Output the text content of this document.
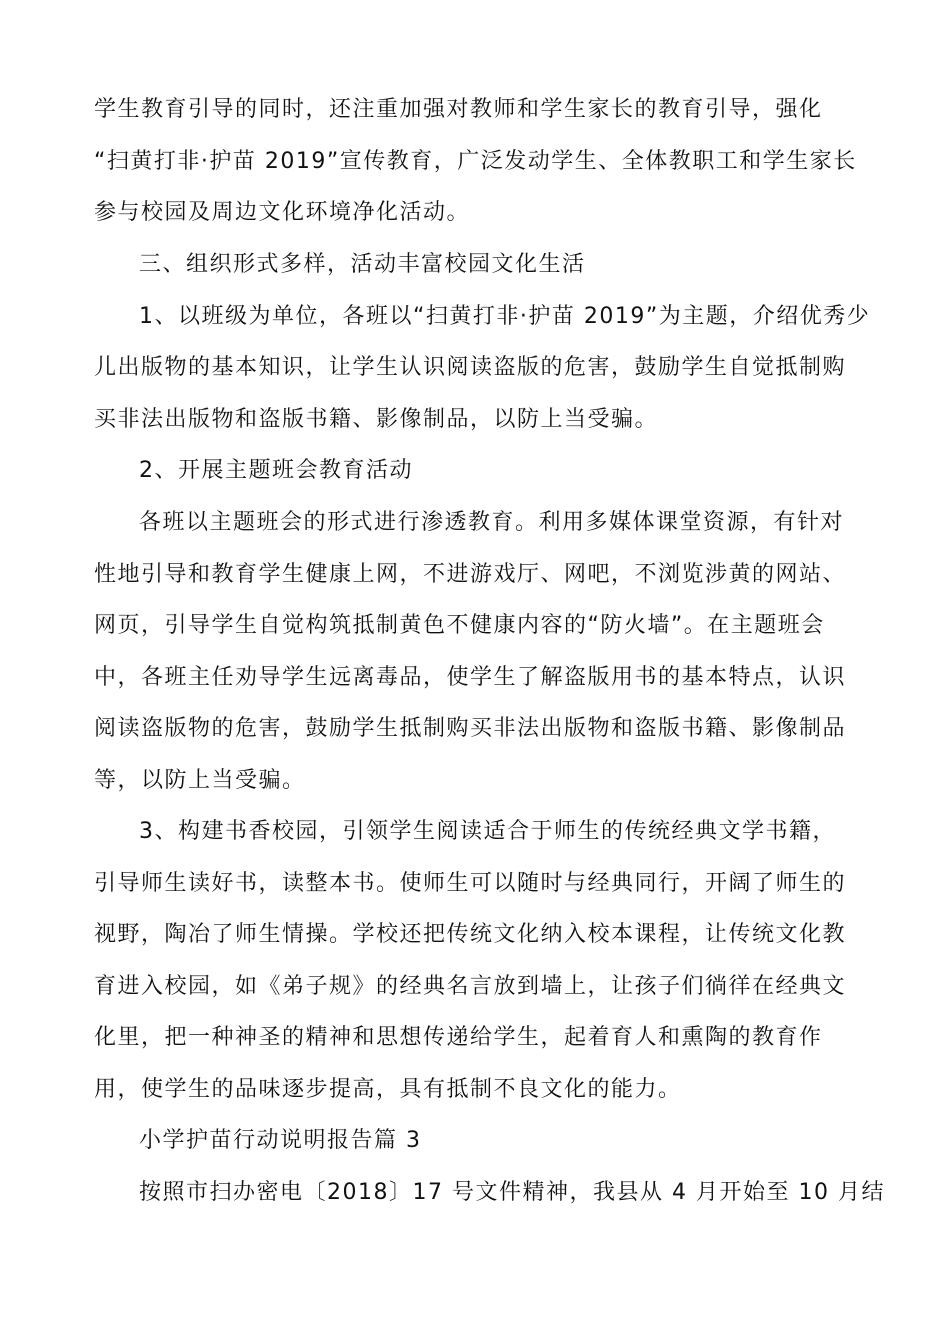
学生教育引导的同时，还注重加强对教师和学生家长的教育引导，强化
“扫黄打非·护苗 2019”宣传教育，广泛发动学生、全体教职工和学生家长
参与校园及周边文化环境净化活动。
三、组织形式多样，活动丰富校园文化生活
1、以班级为单位，各班以“扫黄打非·护苗 2019”为主题，介绍优秀少
儿出版物的基本知识，让学生认识阅读盗版的危害，鼓励学生自觉抵制购
买非法出版物和盗版书籍、影像制品，以防上当受骗。
2、开展主题班会教育活动
各班以主题班会的形式进行渗透教育。利用多媒体课堂资源，有针对
性地引导和教育学生健康上网，不进游戏厅、网吧，不浏览涉黄的网站、
网页，引导学生自觉构筑抵制黄色不健康内容的“防火墙”。在主题班会
中，各班主任劝导学生远离毒品，使学生了解盗版用书的基本特点，认识
阅读盗版物的危害，鼓励学生抵制购买非法出版物和盗版书籍、影像制品
等，以防上当受骗。
3、构建书香校园，引领学生阅读适合于师生的传统经典文学书籍，
引导师生读好书，读整本书。使师生可以随时与经典同行，开阔了师生的
视野，陶冶了师生情操。学校还把传统文化纳入校本课程，让传统文化教
育进入校园，如《弟子规》的经典名言放到墙上，让孩子们徜徉在经典文
化里，把一种神圣的精神和思想传递给学生，起着育人和熏陶的教育作
用，使学生的品味逐步提高，具有抵制不良文化的能力。
小学护苗行动说明报告篇 3
按照市扫办密电〔2018〕17 号文件精神，我县从 4 月开始至 10 月结
